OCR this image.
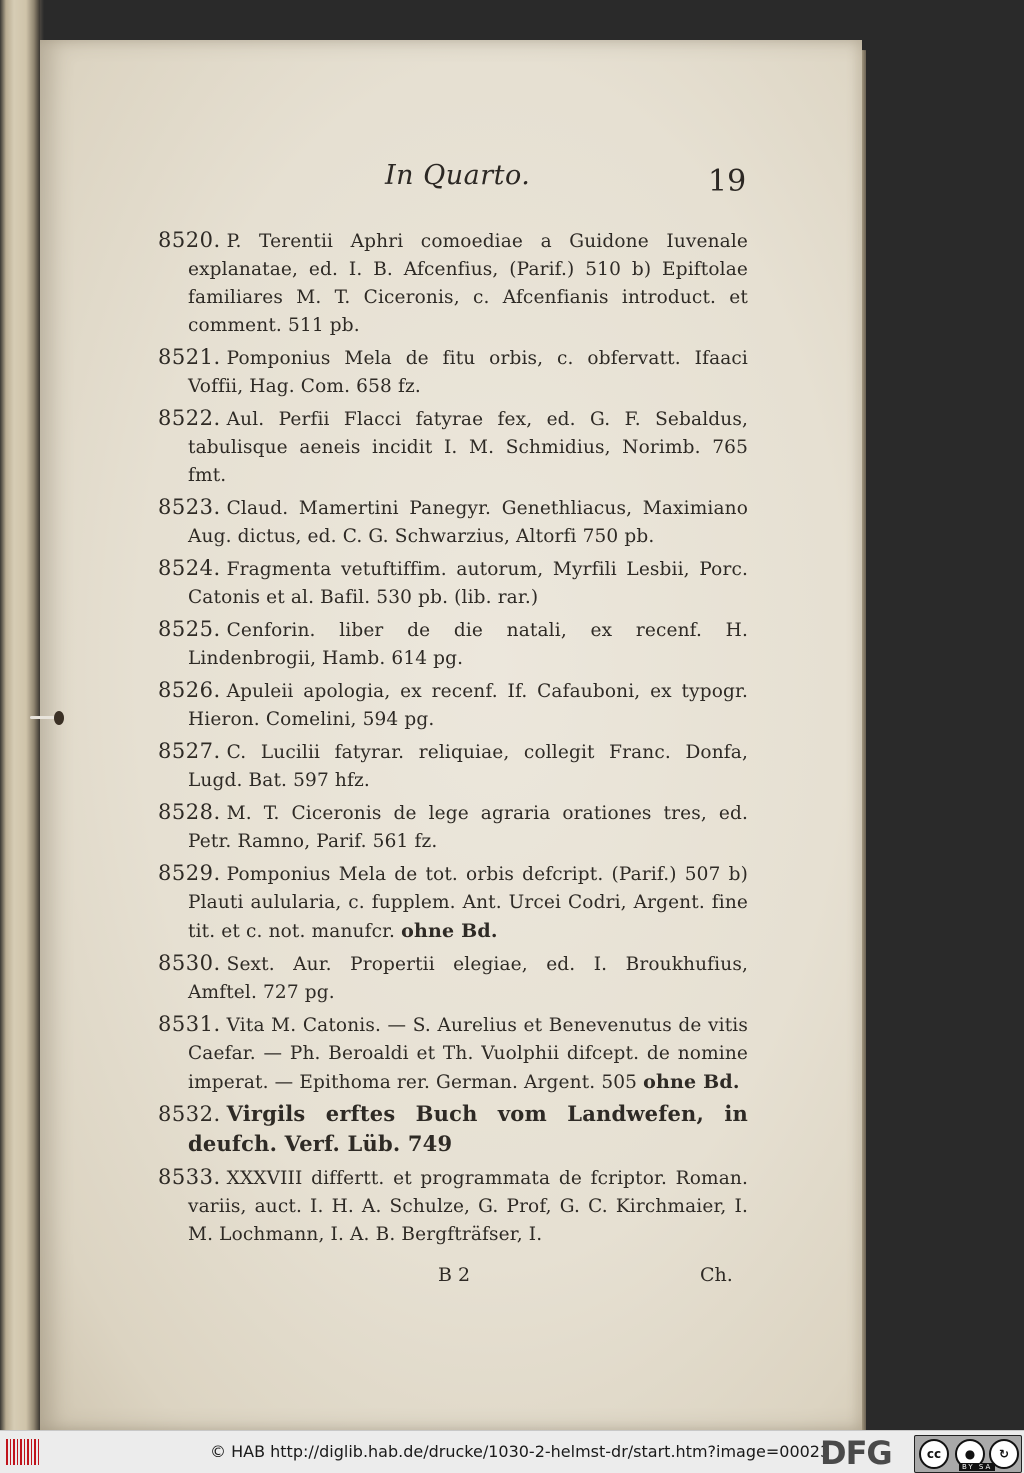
In Quarto.	19
8520. P. Terentii Aphri comoediae a Guidone Iuvenale explanatae, ed. I. B. Afcenfius, (Parif.) 510 b) Epiftolae familiares M. T. Ciceronis, c. Afcenfianis introduct. et comment. 511 pb.
8521. Pomponius Mela de fitu orbis, c. obfervatt. Ifaaci Voffii, Hag. Com. 658 fz.
8522. Aul. Perfii Flacci fatyrae fex, ed. G. F. Sebaldus, tabulisque aeneis incidit I. M. Schmidius, Norimb. 765 fmt.
8523. Claud. Mamertini Panegyr. Genethliacus, Maximiano Aug. dictus, ed. C. G. Schwarzius, Altorfi 750 pb.
8524. Fragmenta vetuftiffim. autorum, Myrfili Lesbii, Porc. Catonis et al. Bafil. 530 pb. (lib. rar.)
8525. Cenforin. liber de die natali, ex recenf. H. Lindenbrogii, Hamb. 614 pg.
8526. Apuleii apologia, ex recenf. If. Cafauboni, ex typogr. Hieron. Comelini, 594 pg.
8527. C. Lucilii fatyrar. reliquiae, collegit Franc. Donfa, Lugd. Bat. 597 hfz.
8528. M. T. Ciceronis de lege agraria orationes tres, ed. Petr. Ramno, Parif. 561 fz.
8529. Pomponius Mela de tot. orbis defcript. (Parif.) 507 b) Plauti aulularia, c. fupplem. Ant. Urcei Codri, Argent. fine tit. et c. not. manufcr. ohne Bd.
8530. Sext. Aur. Propertii elegiae, ed. I. Broukhufius, Amftel. 727 pg.
8531. Vita M. Catonis. — S. Aurelius et Benevenutus de vitis Caefar. — Ph. Beroaldi et Th. Vuolphii difcept. de nomine imperat. — Epithoma rer. German. Argent. 505 ohne Bd.
8532. Virgils erftes Buch vom Landwefen, in deufch. Verf. Lüb. 749
8533. XXXVIII differtt. et programmata de fcriptor. Roman. variis, auct. I. H. A. Schulze, G. Prof, G. C. Kirchmaier, I. M. Lochmann, I. A. B. Bergfträfser, I.
B 2	Ch.
© HAB http://diglib.hab.de/drucke/1030-2-helmst-dr/start.htm?image=00023
DFG	cc	●	↻
BY SA
